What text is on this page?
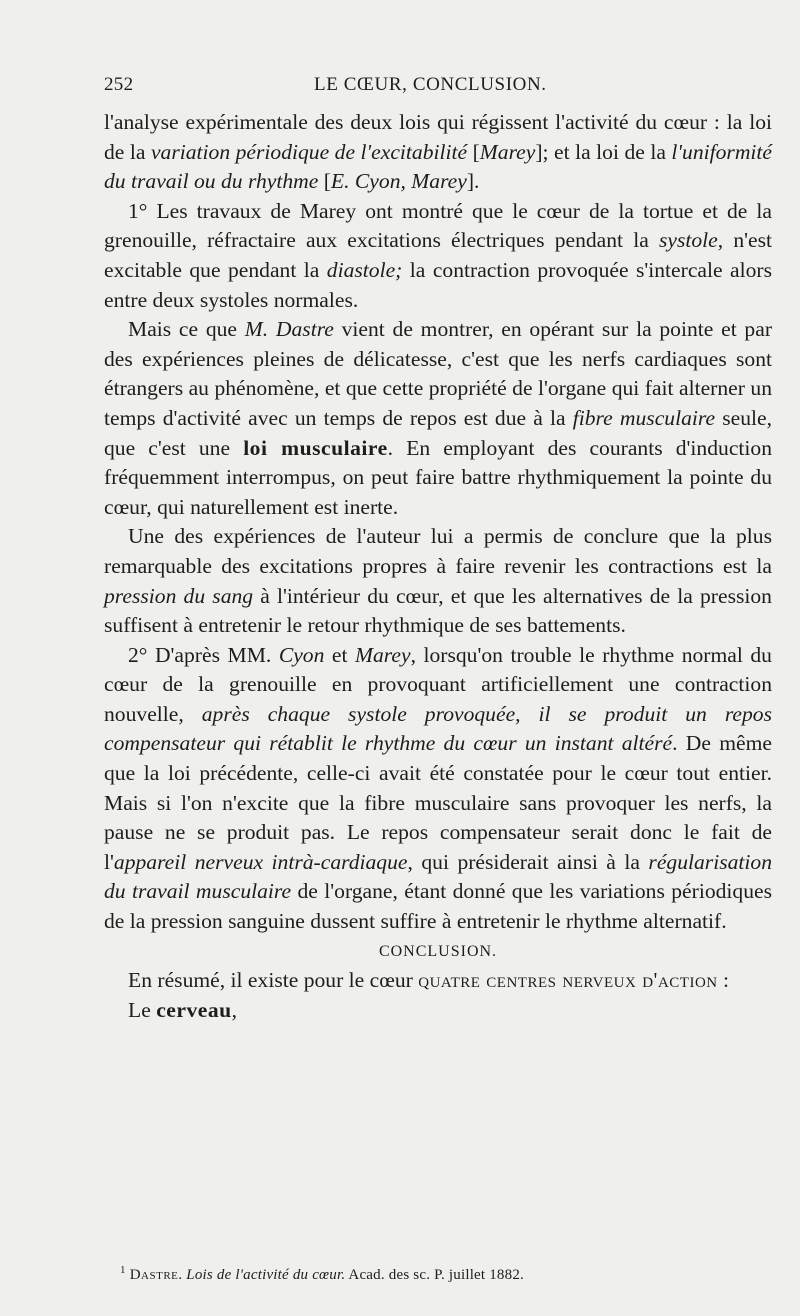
252	LE CŒUR, CONCLUSION.

l'analyse expérimentale des deux lois qui régissent l'activité du cœur : la loi de la variation périodique de l'excitabilité [Marey]; et la loi de la l'uniformité du travail ou du rhythme [E. Cyon, Marey].

1° Les travaux de Marey ont montré que le cœur de la tortue et de la grenouille, réfractaire aux excitations électriques pendant la systole, n'est excitable que pendant la diastole; la contraction provoquée s'intercale alors entre deux systoles normales.

Mais ce que M. Dastre vient de montrer, en opérant sur la pointe et par des expériences pleines de délicatesse, c'est que les nerfs cardiaques sont étrangers au phénomène, et que cette propriété de l'organe qui fait alterner un temps d'activité avec un temps de repos est due à la fibre musculaire seule, que c'est une loi musculaire. En employant des courants d'induction fréquemment interrompus, on peut faire battre rhythmiquement la pointe du cœur, qui naturellement est inerte.

Une des expériences de l'auteur lui a permis de conclure que la plus remarquable des excitations propres à faire revenir les contractions est la pression du sang à l'intérieur du cœur, et que les alternatives de la pression suffisent à entretenir le retour rhythmique de ses battements.

2° D'après MM. Cyon et Marey, lorsqu'on trouble le rhythme normal du cœur de la grenouille en provoquant artificiellement une contraction nouvelle, après chaque systole provoquée, il se produit un repos compensateur qui rétablit le rhythme du cœur un instant altéré. De même que la loi précédente, celle-ci avait été constatée pour le cœur tout entier. Mais si l'on n'excite que la fibre musculaire sans provoquer les nerfs, la pause ne se produit pas. Le repos compensateur serait donc le fait de l'appareil nerveux intrà-cardiaque, qui présiderait ainsi à la régularisation du travail musculaire de l'organe, étant donné que les variations périodiques de la pression sanguine dussent suffire à entretenir le rhythme alternatif.

CONCLUSION.

En résumé, il existe pour le cœur quatre centres nerveux d'action :

Le cerveau,

$^1$ Dastre. Lois de l'activité du cœur. Acad. des sc. P. juillet 1882.
